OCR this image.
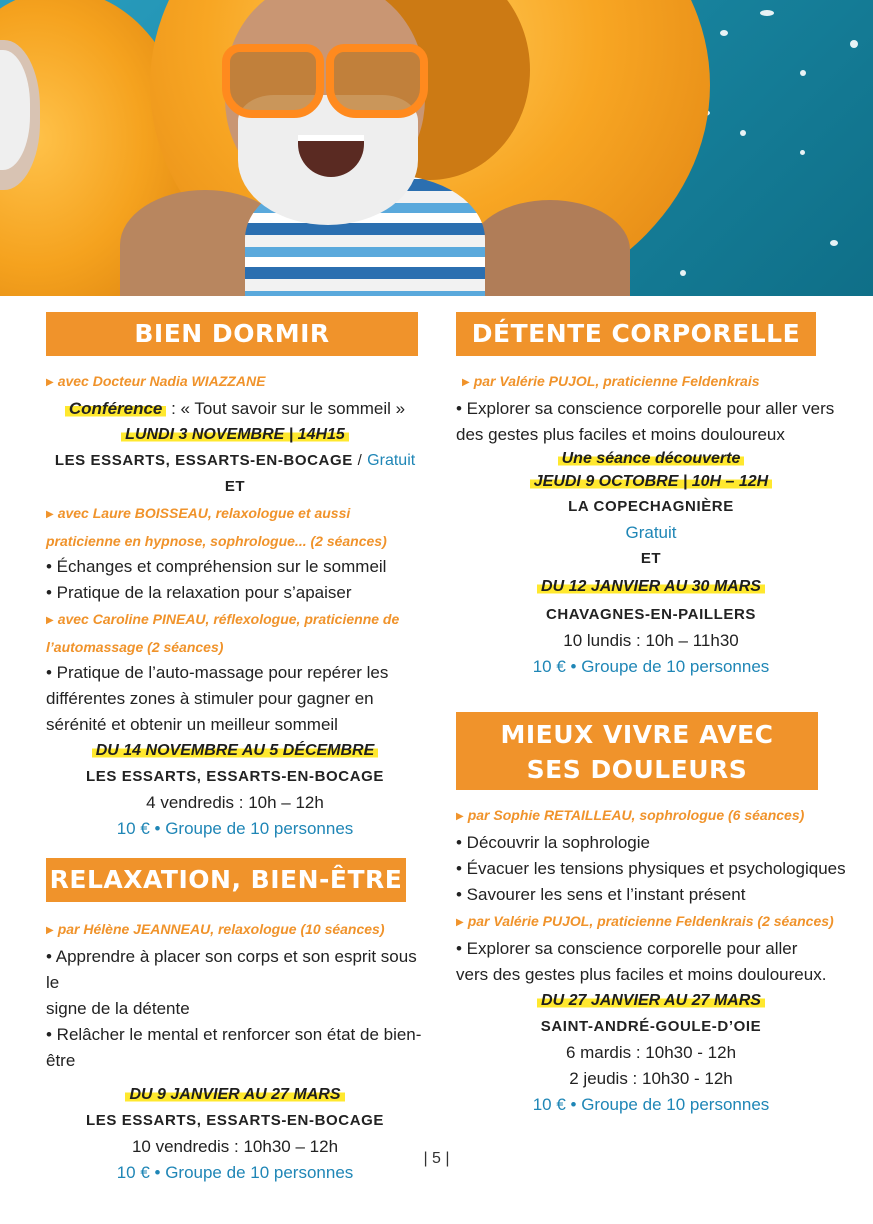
BIEN DORMIR
▶ avec Docteur Nadia WIAZZANE
Conférence : « Tout savoir sur le sommeil »
LUNDI 3 NOVEMBRE | 14H15
LES ESSARTS, ESSARTS-EN-BOCAGE / Gratuit
ET
▶ avec Laure BOISSEAU, relaxologue et aussi
praticienne en hypnose, sophrologue... (2 séances)
• Échanges et compréhension sur le sommeil
• Pratique de la relaxation pour s’apaiser
▶ avec Caroline PINEAU, réflexologue, praticienne de
l’automassage (2 séances)
• Pratique de l’auto-massage pour repérer les
différentes zones à stimuler pour gagner en
sérénité et obtenir un meilleur sommeil
DU 14 NOVEMBRE AU 5 DÉCEMBRE
LES ESSARTS, ESSARTS-EN-BOCAGE
4 vendredis : 10h – 12h
10 € • Groupe de 10 personnes
RELAXATION, BIEN-ÊTRE
▶ par Hélène JEANNEAU, relaxologue (10 séances)
• Apprendre à placer son corps et son esprit sous le
signe de la détente
• Relâcher le mental et renforcer son état de bien-être
DU 9 JANVIER AU 27 MARS
LES ESSARTS, ESSARTS-EN-BOCAGE
10 vendredis : 10h30 – 12h
10 € • Groupe de 10 personnes
DÉTENTE CORPORELLE
▶ par Valérie PUJOL, praticienne Feldenkrais
• Explorer sa conscience corporelle pour aller vers
des gestes plus faciles et moins douloureux
Une séance découverte
JEUDI 9 OCTOBRE | 10H – 12H
LA COPECHAGNIÈRE
Gratuit
ET
DU 12 JANVIER AU 30 MARS
CHAVAGNES-EN-PAILLERS
10 lundis : 10h – 11h30
10 € • Groupe de 10 personnes
MIEUX VIVRE AVEC
SES DOULEURS
▶ par Sophie RETAILLEAU, sophrologue (6 séances)
• Découvrir la sophrologie
• Évacuer les tensions physiques et psychologiques
• Savourer les sens et l’instant présent
▶ par Valérie PUJOL, praticienne Feldenkrais (2 séances)
• Explorer sa conscience corporelle pour aller
vers des gestes plus faciles et moins douloureux.
DU 27 JANVIER AU 27 MARS
SAINT-ANDRÉ-GOULE-D’OIE
6 mardis : 10h30 - 12h
2 jeudis : 10h30 - 12h
10 € • Groupe de 10 personnes
| 5 |
